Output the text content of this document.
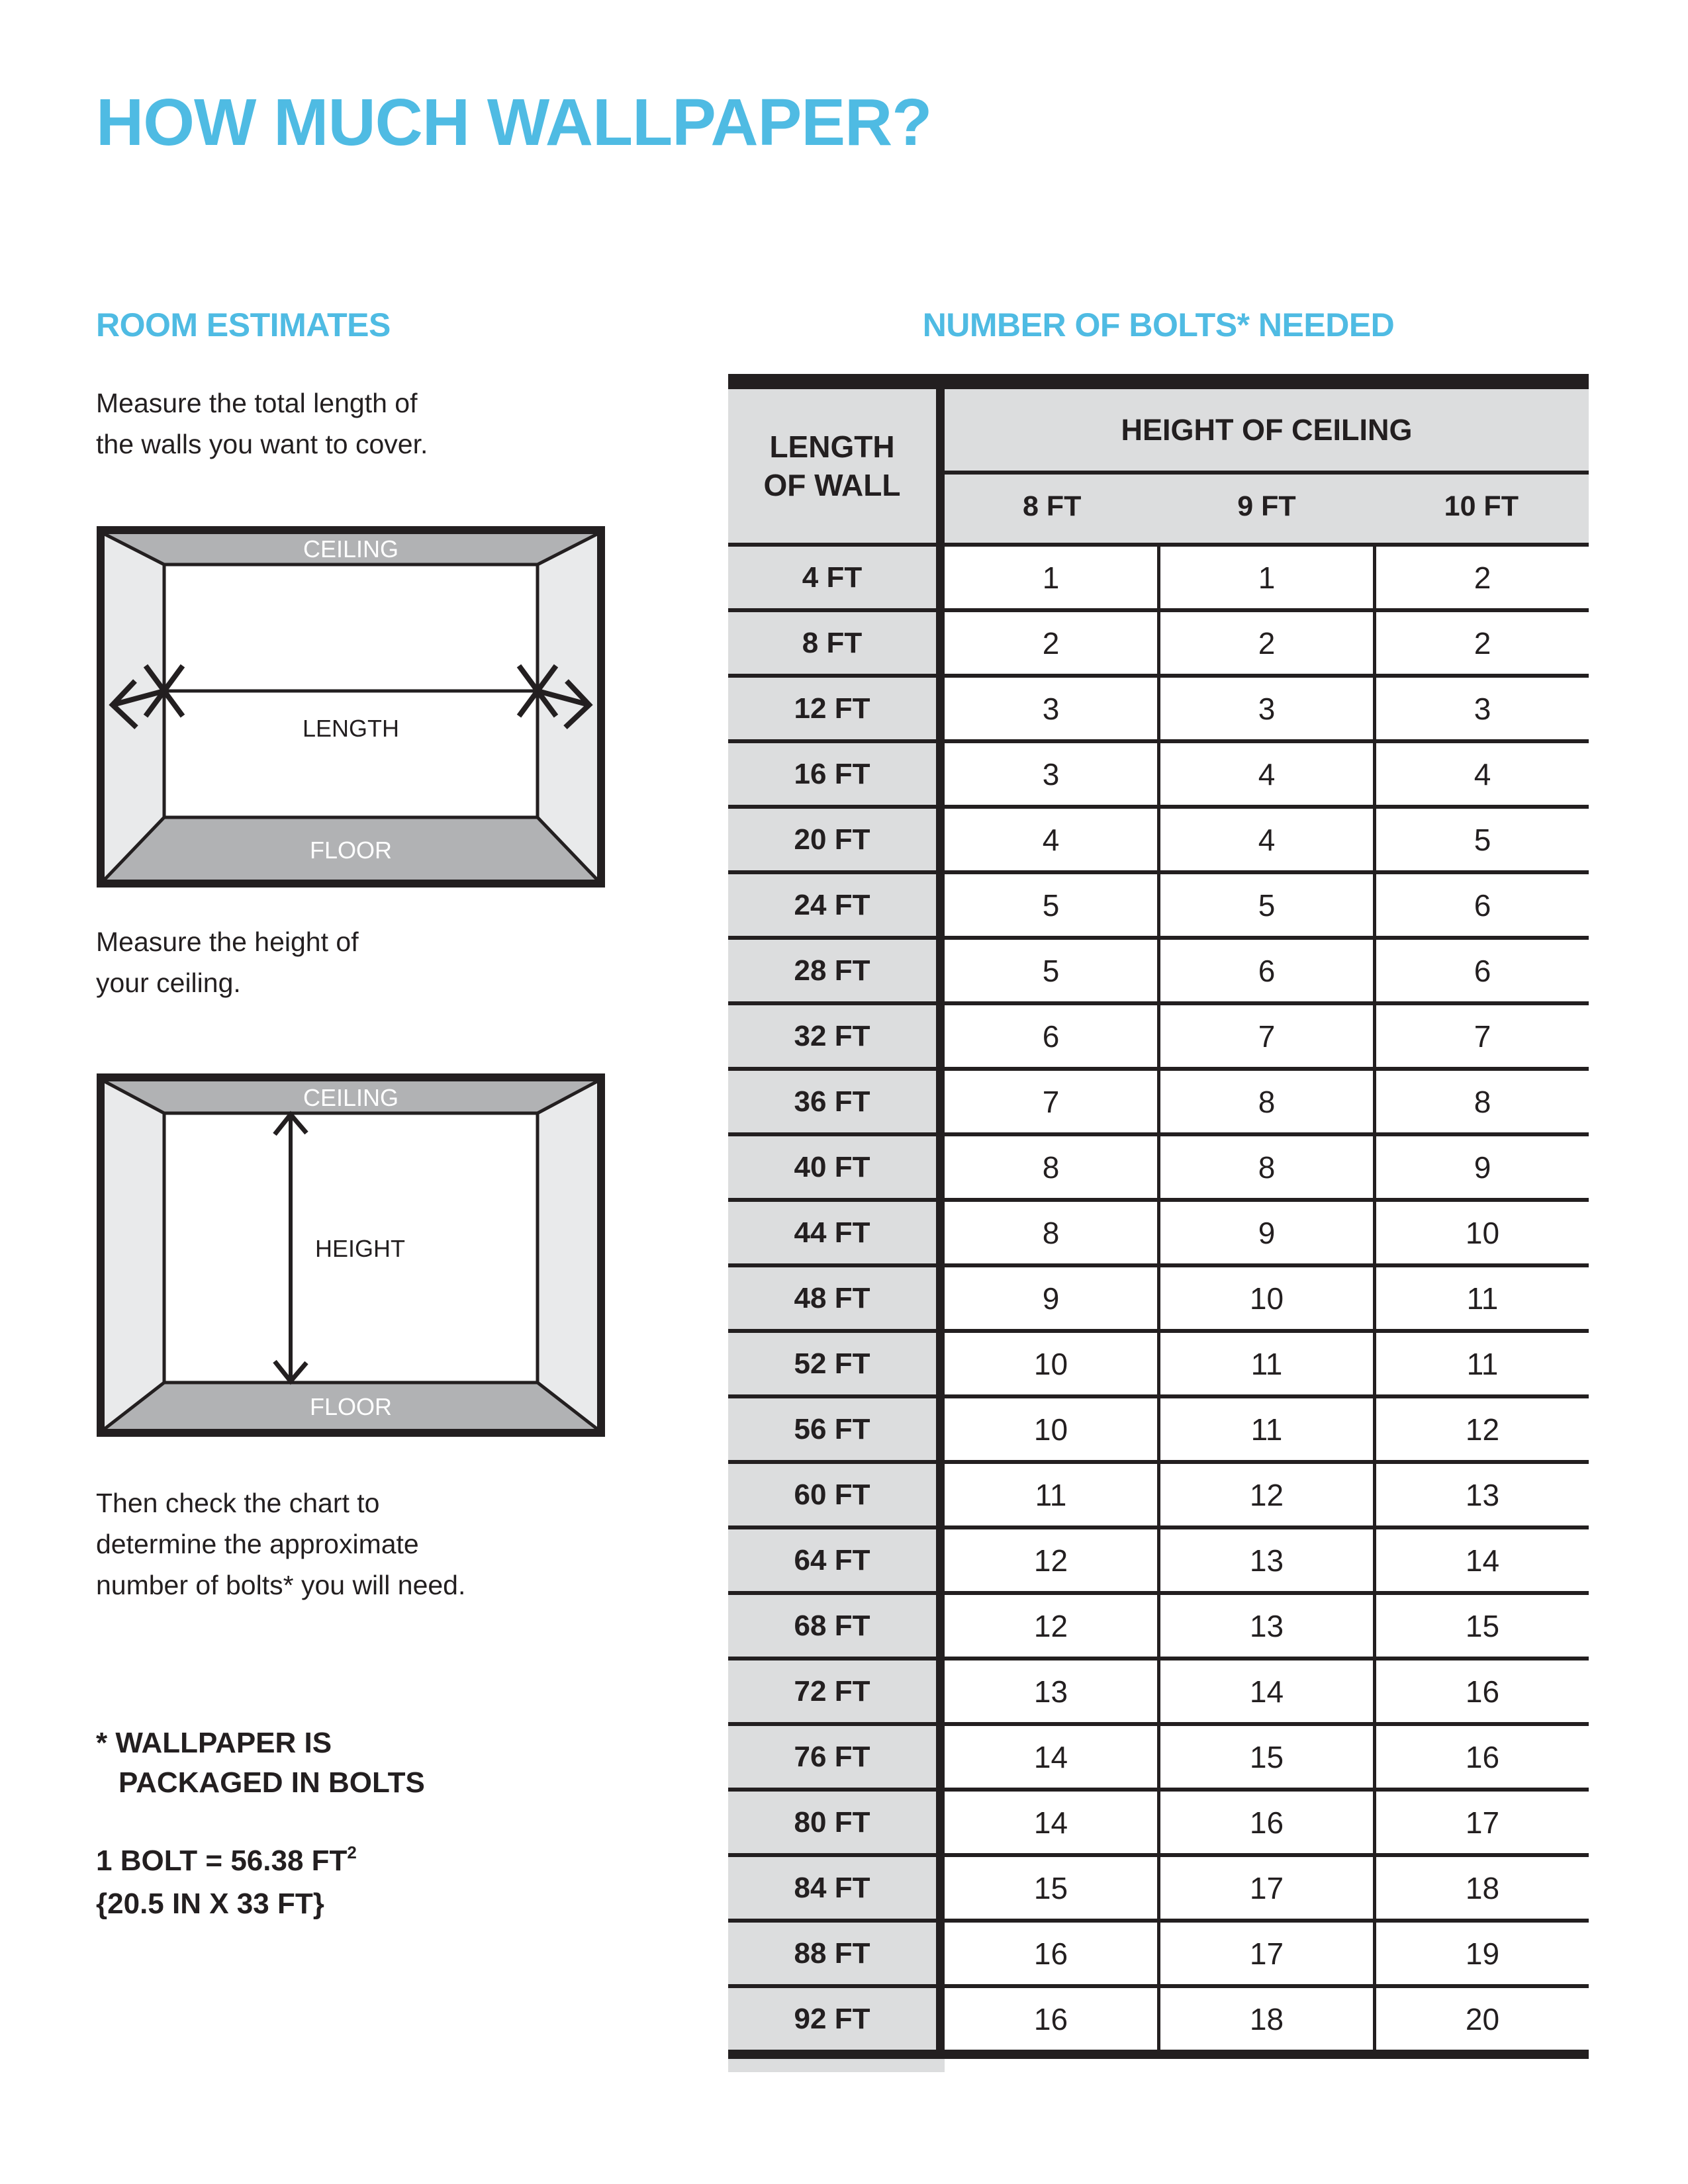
HOW MUCH WALLPAPER?
ROOM ESTIMATES

Measure the total length of
the walls you want to cover.

CEILING
FLOOR
LENGTH

Measure the height of
your ceiling.

CEILING
FLOOR
HEIGHT

Then check the chart to
determine the approximate
number of bolts* you will need.

* WALLPAPER IS
PACKAGED IN BOLTS

1 BOLT = 56.38 $FT^2$
{20.5 IN X 33 FT}

NUMBER OF BOLTS* NEEDED
LENGTH
OF WALL
HEIGHT OF CEILING
8 FT	9 FT	10 FT
4 FT	1	1	2
8 FT	2	2	2
12 FT	3	3	3
16 FT	3	4	4
20 FT	4	4	5
24 FT	5	5	6
28 FT	5	6	6
32 FT	6	7	7
36 FT	7	8	8
40 FT	8	8	9
44 FT	8	9	10
48 FT	9	10	11
52 FT	10	11	11
56 FT	10	11	12
60 FT	11	12	13
64 FT	12	13	14
68 FT	12	13	15
72 FT	13	14	16
76 FT	14	15	16
80 FT	14	16	17
84 FT	15	17	18
88 FT	16	17	19
92 FT	16	18	20
